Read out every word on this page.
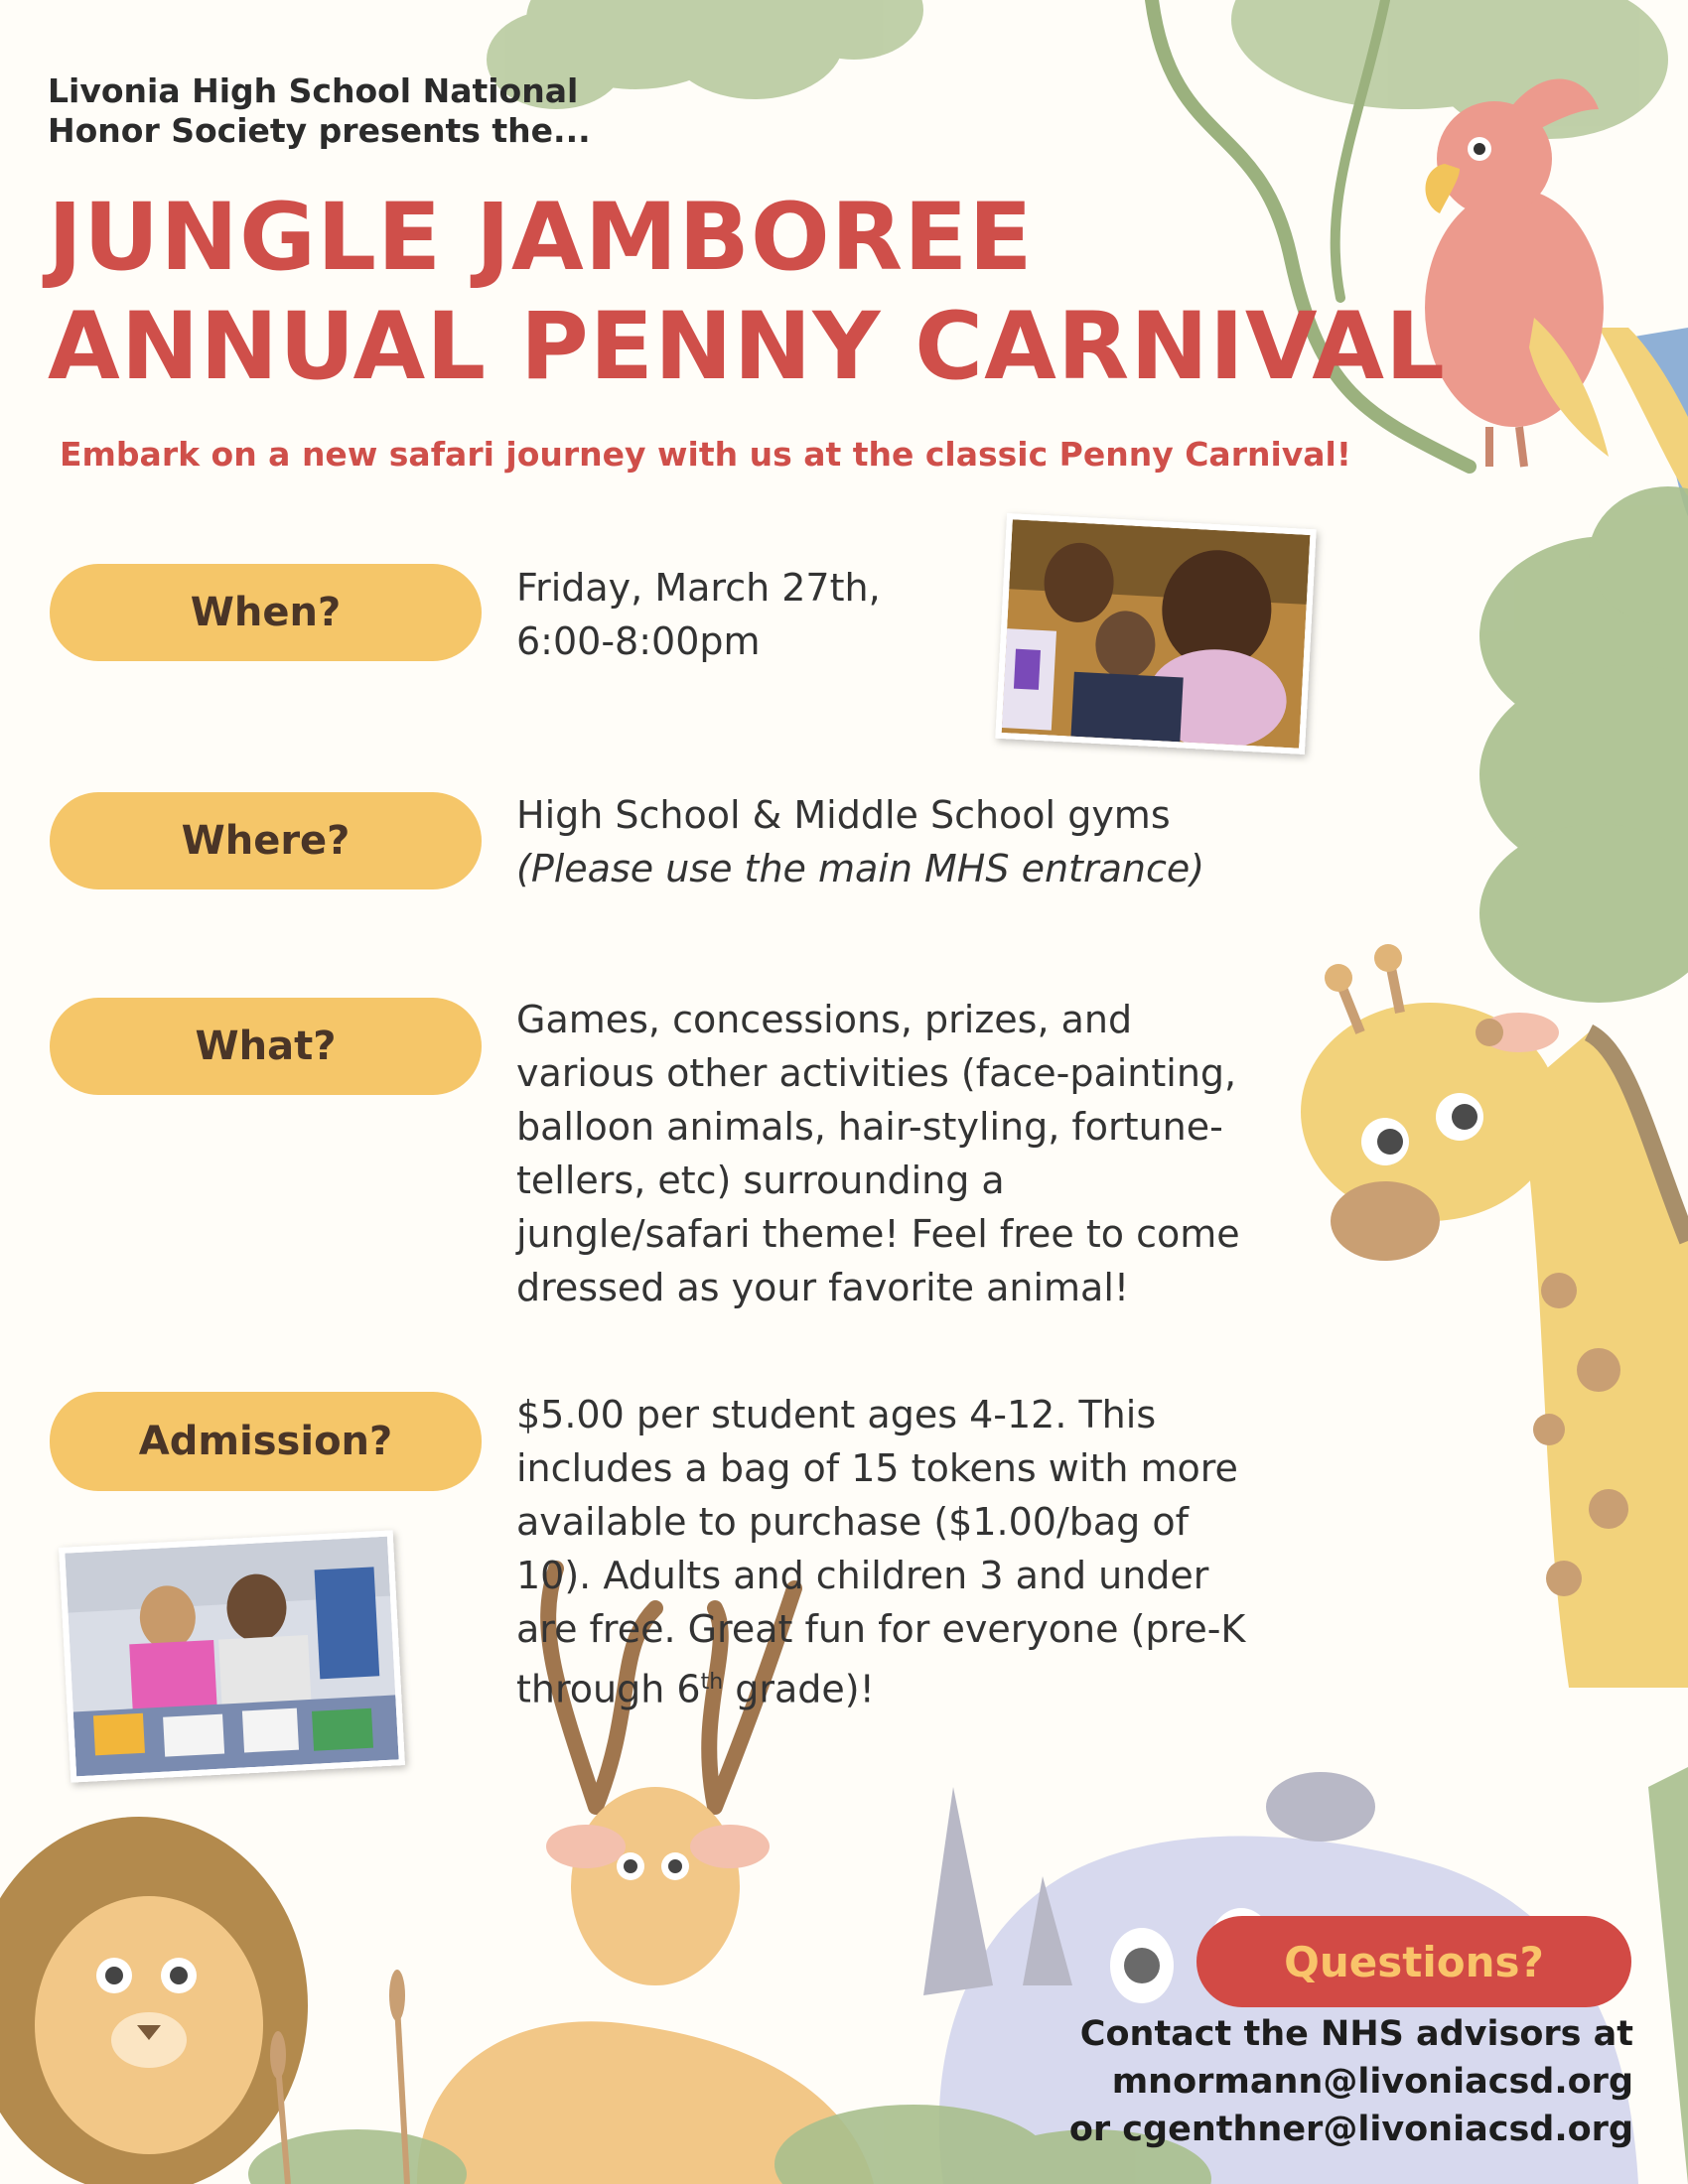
Livonia High School National
Honor Society presents the...
JUNGLE JAMBOREE
ANNUAL PENNY CARNIVAL
Embark on a new safari journey with us at the classic Penny Carnival!
When?
Friday, March 27th,
6:00-8:00pm
Where?
High School & Middle School gyms
(Please use the main MHS entrance)
What?
Games, concessions, prizes, and
various other activities (face-painting,
balloon animals, hair-styling, fortune-
tellers, etc) surrounding a
jungle/safari theme! Feel free to come
dressed as your favorite animal!
Admission?
$5.00 per student ages 4-12. This
includes a bag of 15 tokens with more
available to purchase ($1.00/bag of
10). Adults and children 3 and under
are free. Great fun for everyone (pre-K
through 6th grade)!
Questions?
Contact the NHS advisors at
mnormann@livoniacsd.org
or cgenthner@livoniacsd.org
